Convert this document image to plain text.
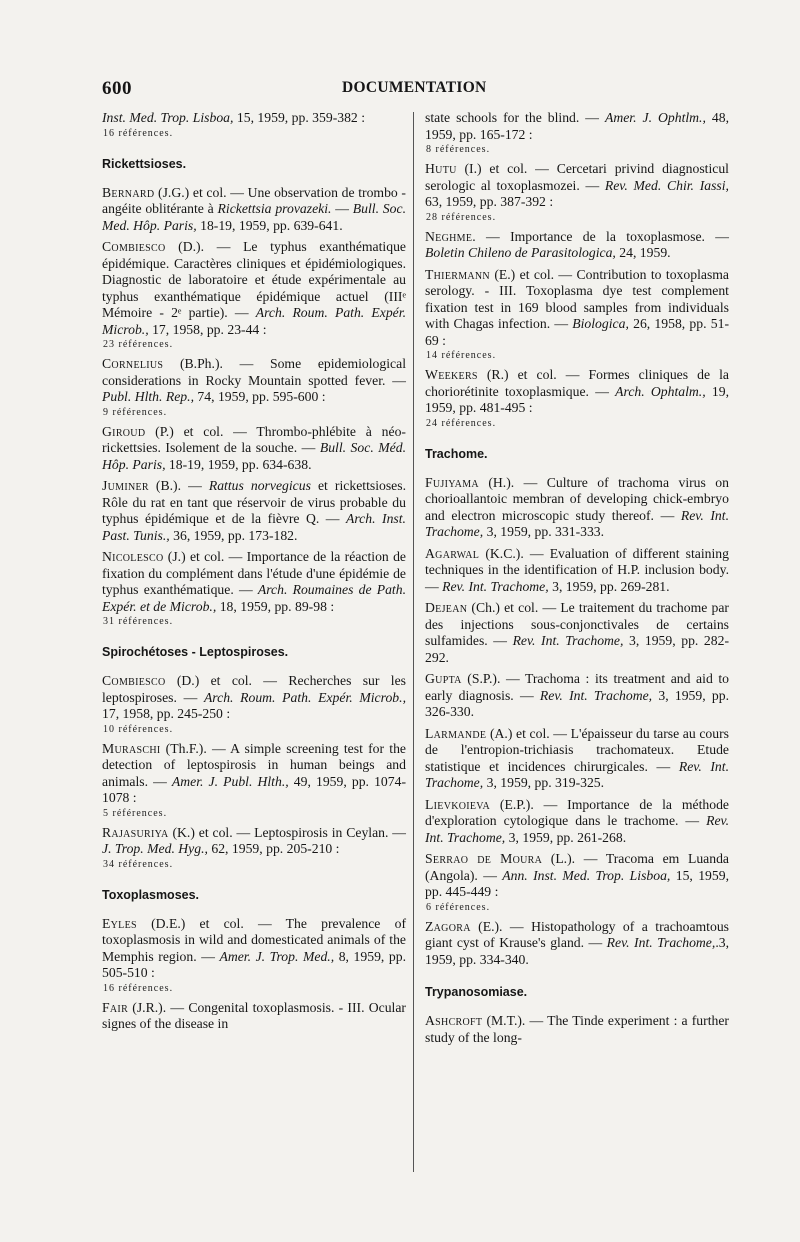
600	DOCUMENTATION

Inst. Med. Trop. Lisboa, 15, 1959, pp. 359-382 :

16 références.
Rickettsioses.

Bernard (J.G.) et col. — Une observation de trombo - angéite oblitérante à Rickettsia provazeki. — Bull. Soc. Med. Hôp. Paris, 18-19, 1959, pp. 639-641.

Combiesco (D.). — Le typhus exanthématique épidémique. Caractères cliniques et épidémiologiques. Diagnostic de laboratoire et étude expérimentale au typhus exanthématique épidémique actuel (IIIᵉ Mémoire - 2ᵉ partie). — Arch. Roum. Path. Expér. Microb., 17, 1958, pp. 23-44 :

23 références.

Cornelius (B.Ph.). — Some epidemiological considerations in Rocky Mountain spotted fever. — Publ. Hlth. Rep., 74, 1959, pp. 595-600 :

9 références.

Giroud (P.) et col. — Thrombo-phlébite à néo-rickettsies. Isolement de la souche. — Bull. Soc. Méd. Hôp. Paris, 18-19, 1959, pp. 634-638.

Juminer (B.). — Rattus norvegicus et rickettsioses. Rôle du rat en tant que réservoir de virus probable du typhus épidémique et de la fièvre Q. — Arch. Inst. Past. Tunis., 36, 1959, pp. 173-182.

Nicolesco (J.) et col. — Importance de la réaction de fixation du complément dans l'étude d'une épidémie de typhus exanthématique. — Arch. Roumaines de Path. Expér. et de Microb., 18, 1959, pp. 89-98 :

31 références.
Spirochétoses - Leptospiroses.

Combiesco (D.) et col. — Recherches sur les leptospiroses. — Arch. Roum. Path. Expér. Microb., 17, 1958, pp. 245-250 :

10 références.

Muraschi (Th.F.). — A simple screening test for the detection of leptospirosis in human beings and animals. — Amer. J. Publ. Hlth., 49, 1959, pp. 1074-1078 :

5 références.

Rajasuriya (K.) et col. — Leptospirosis in Ceylan. — J. Trop. Med. Hyg., 62, 1959, pp. 205-210 :

34 références.
Toxoplasmoses.

Eyles (D.E.) et col. — The prevalence of toxoplasmosis in wild and domesticated animals of the Memphis region. — Amer. J. Trop. Med., 8, 1959, pp. 505-510 :

16 références.

Fair (J.R.). — Congenital toxoplasmosis. - III. Ocular signes of the disease in

state schools for the blind. — Amer. J. Ophtlm., 48, 1959, pp. 165-172 :

8 références.

Hutu (I.) et col. — Cercetari privind diagnosticul serologic al toxoplasmozei. — Rev. Med. Chir. Iassi, 63, 1959, pp. 387-392 :

28 références.

Neghme. — Importance de la toxoplasmose. — Boletin Chileno de Parasitologica, 24, 1959.

Thiermann (E.) et col. — Contribution to toxoplasma serology. - III. Toxoplasma dye test complement fixation test in 169 blood samples from individuals with Chagas infection. — Biologica, 26, 1958, pp. 51-69 :

14 références.

Weekers (R.) et col. — Formes cliniques de la choriorétinite toxoplasmique. — Arch. Ophtalm., 19, 1959, pp. 481-495 :

24 références.
Trachome.

Fujiyama (H.). — Culture of trachoma virus on chorioallantoic membran of developing chick-embryo and electron microscopic study thereof. — Rev. Int. Trachome, 3, 1959, pp. 331-333.

Agarwal (K.C.). — Evaluation of different staining techniques in the identification of H.P. inclusion body. — Rev. Int. Trachome, 3, 1959, pp. 269-281.

Dejean (Ch.) et col. — Le traitement du trachome par des injections sous-conjonctivales de certains sulfamides. — Rev. Int. Trachome, 3, 1959, pp. 282-292.

Gupta (S.P.). — Trachoma : its treatment and aid to early diagnosis. — Rev. Int. Trachome, 3, 1959, pp. 326-330.

Larmande (A.) et col. — L'épaisseur du tarse au cours de l'entropion-trichiasis trachomateux. Etude statistique et incidences chirurgicales. — Rev. Int. Trachome, 3, 1959, pp. 319-325.

Lievkoieva (E.P.). — Importance de la méthode d'exploration cytologique dans le trachome. — Rev. Int. Trachome, 3, 1959, pp. 261-268.

Serrao de Moura (L.). — Tracoma em Luanda (Angola). — Ann. Inst. Med. Trop. Lisboa, 15, 1959, pp. 445-449 :

6 références.

Zagora (E.). — Histopathology of a trachoamtous giant cyst of Krause's gland. — Rev. Int. Trachome,.3, 1959, pp. 334-340.

Trypanosomiase.

Ashcroft (M.T.). — The Tinde experiment : a further study of the long-
